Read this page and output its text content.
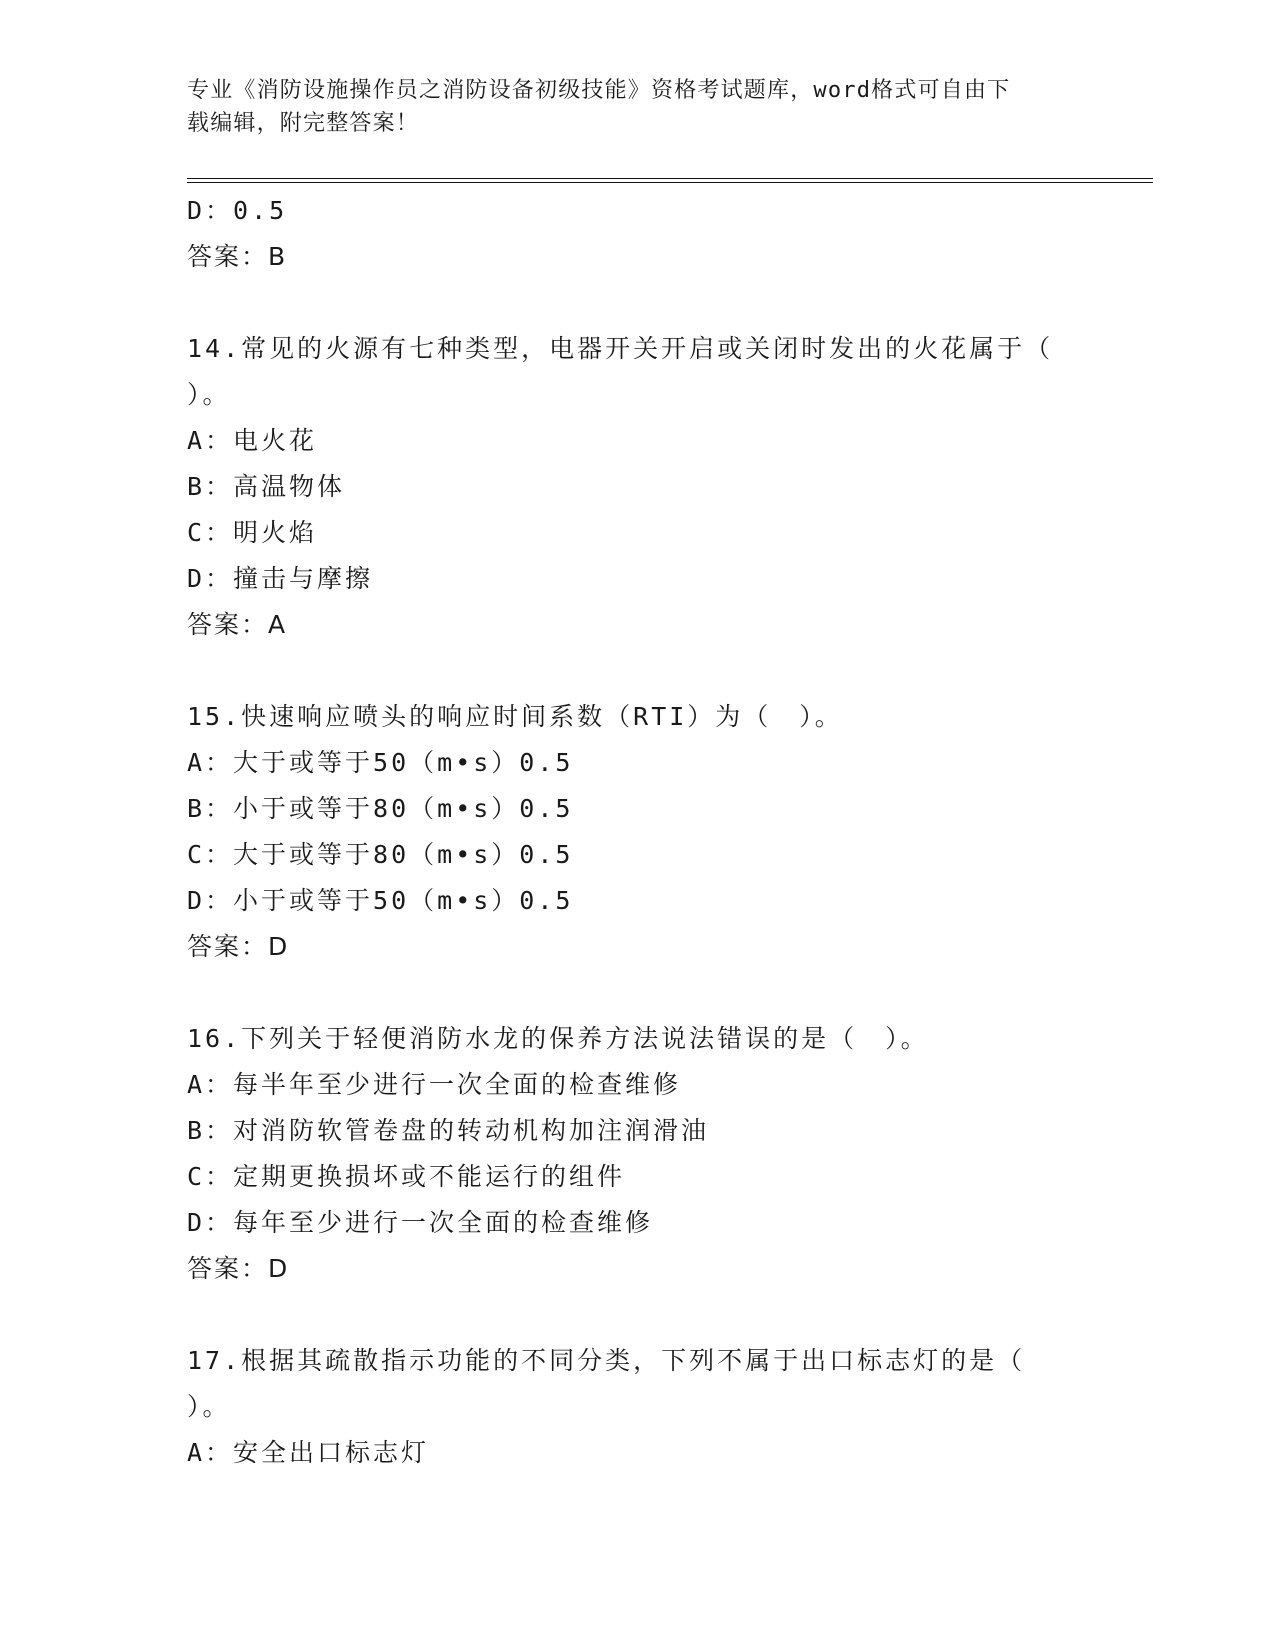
专业《消防设施操作员之消防设备初级技能》资格考试题库，word格式可自由下
载编辑，附完整答案！
D：0.5
答案：B
14.常见的火源有七种类型，电器开关开启或关闭时发出的火花属于（
）。
A：电火花
B：高温物体
C：明火焰
D：撞击与摩擦
答案：A
15.快速响应喷头的响应时间系数（RTI）为（　）。
A：大于或等于50（m•s）0.5
B：小于或等于80（m•s）0.5
C：大于或等于80（m•s）0.5
D：小于或等于50（m•s）0.5
答案：D
16.下列关于轻便消防水龙的保养方法说法错误的是（　）。
A：每半年至少进行一次全面的检查维修
B：对消防软管卷盘的转动机构加注润滑油
C：定期更换损坏或不能运行的组件
D：每年至少进行一次全面的检查维修
答案：D
17.根据其疏散指示功能的不同分类，下列不属于出口标志灯的是（
）。
A：安全出口标志灯
